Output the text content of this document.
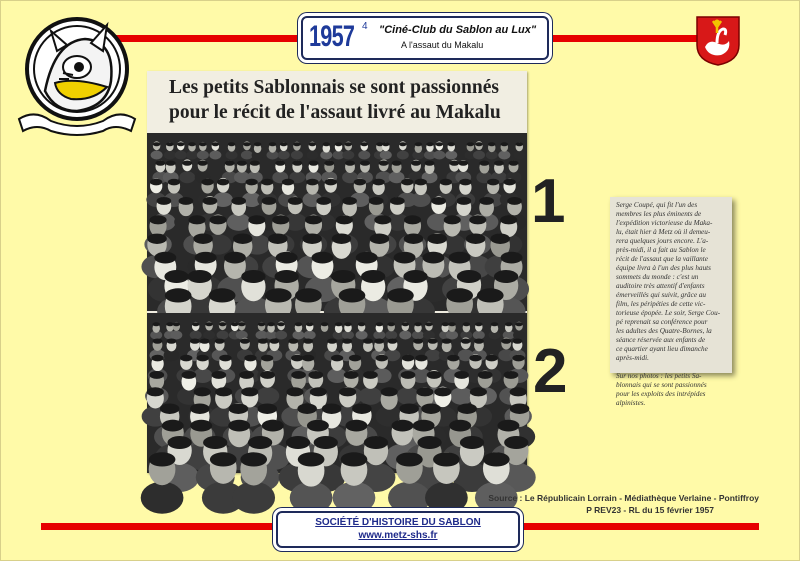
1957 4 "Ciné-Club du Sablon au Lux"
A l'assaut du Makalu
Les petits Sablonnais se sont passionnés
pour le récit de l'assaut livré au Makalu
1
2
Serge Coupé, qui fit l'un des
membres les plus éminents de
l'expédition victorieuse du Maka-
lu, était hier à Metz où il demeu-
rera quelques jours encore. L'a-
près-midi, il a fait au Sablon le
récit de l'assaut que la vaillante
équipe livra à l'un des plus hauts
sommets du monde : c'est un
auditoire très attentif d'enfants
émerveillés qui suivit, grâce au
film, les péripéties de cette vic-
torieuse épopée. Le soir, Serge Cou-
pé reprenait sa conférence pour
les adultes des Quatre-Bornes, la
séance réservée aux enfants de
ce quartier ayant lieu dimanche
après-midi.

Sur nos photos : les petits Sa-
blonnais qui se sont passionnés
pour les exploits des intrépides
alpinistes.
Source : Le Républicain Lorrain - Médiathèque Verlaine - Pontiffroy
P REV23 - RL du 15 février 1957
SOCIÉTÉ D'HISTOIRE DU SABLON
www.metz-shs.fr
